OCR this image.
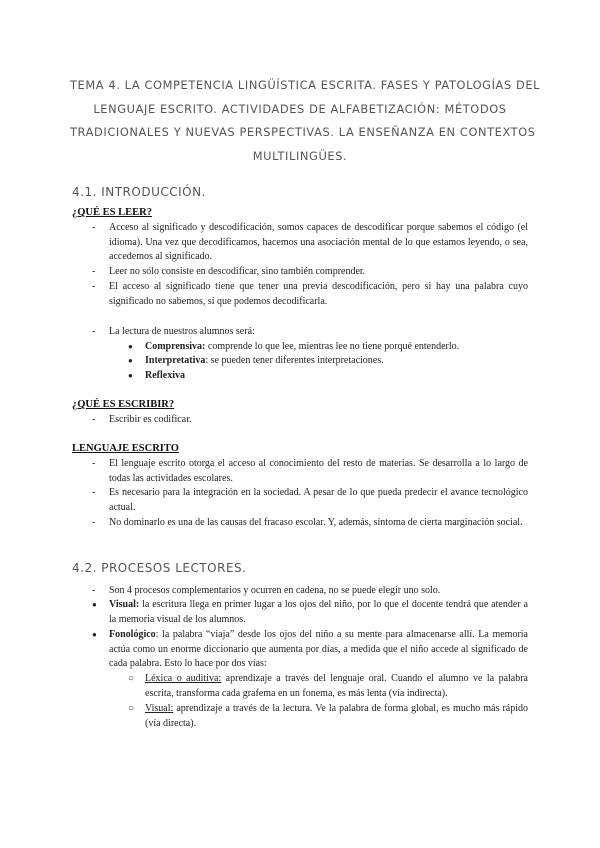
TEMA 4. LA COMPETENCIA LINGÜÍSTICA ESCRITA. FASES Y PATOLOGÍAS DEL
LENGUAJE ESCRITO. ACTIVIDADES DE ALFABETIZACIÓN: MÉTODOS
TRADICIONALES Y NUEVAS PERSPECTIVAS. LA ENSEÑANZA EN CONTEXTOS
MULTILINGÜES.
4.1. INTRODUCCIÓN.
¿QUÉ ES LEER?
- Acceso al significado y descodificación, somos capaces de descodificar porque sabemos el código (el idioma). Una vez que decodificamos, hacemos una asociación mental de lo que estamos leyendo, o sea, accedemos al significado.
- Leer no sólo consiste en descodificar, sino también comprender.
- El acceso al significado tiene que tener una previa descodificación, pero si hay una palabra cuyo significado no sabemos, sí que podemos decodificarla.
- La lectura de nuestros alumnos será:
● Comprensiva: comprende lo que lee, mientras lee no tiene porqué entenderlo.
● Interpretativa: se pueden tener diferentes interpretaciones.
● Reflexiva
¿QUÉ ES ESCRIBIR?
- Escribir es codificar.
LENGUAJE ESCRITO
- El lenguaje escrito otorga el acceso al conocimiento del resto de materias. Se desarrolla a lo largo de todas las actividades escolares.
- Es necesario para la integración en la sociedad. A pesar de lo que pueda predecir el avance tecnológico actual.
- No dominarlo es una de las causas del fracaso escolar. Y, además, síntoma de cierta marginación social.
4.2. PROCESOS LECTORES.
- Son 4 procesos complementarios y ocurren en cadena, no se puede elegir uno solo.
● Visual: la escritura llega en primer lugar a los ojos del niño, por lo que el docente tendrá que atender a la memoria visual de los alumnos.
● Fonológico: la palabra “viaja” desde los ojos del niño a su mente para almacenarse allí. La memoria actúa como un enorme diccionario que aumenta por días, a medida que el niño accede al significado de cada palabra. Esto lo hace por dos vías:
○ Léxica o auditiva: aprendizaje a través del lenguaje oral. Cuando el alumno ve la palabra escrita, transforma cada grafema en un fonema, es más lenta (vía indirecta).
○ Visual: aprendizaje a través de la lectura. Ve la palabra de forma global, es mucho más rápido (vía directa).
